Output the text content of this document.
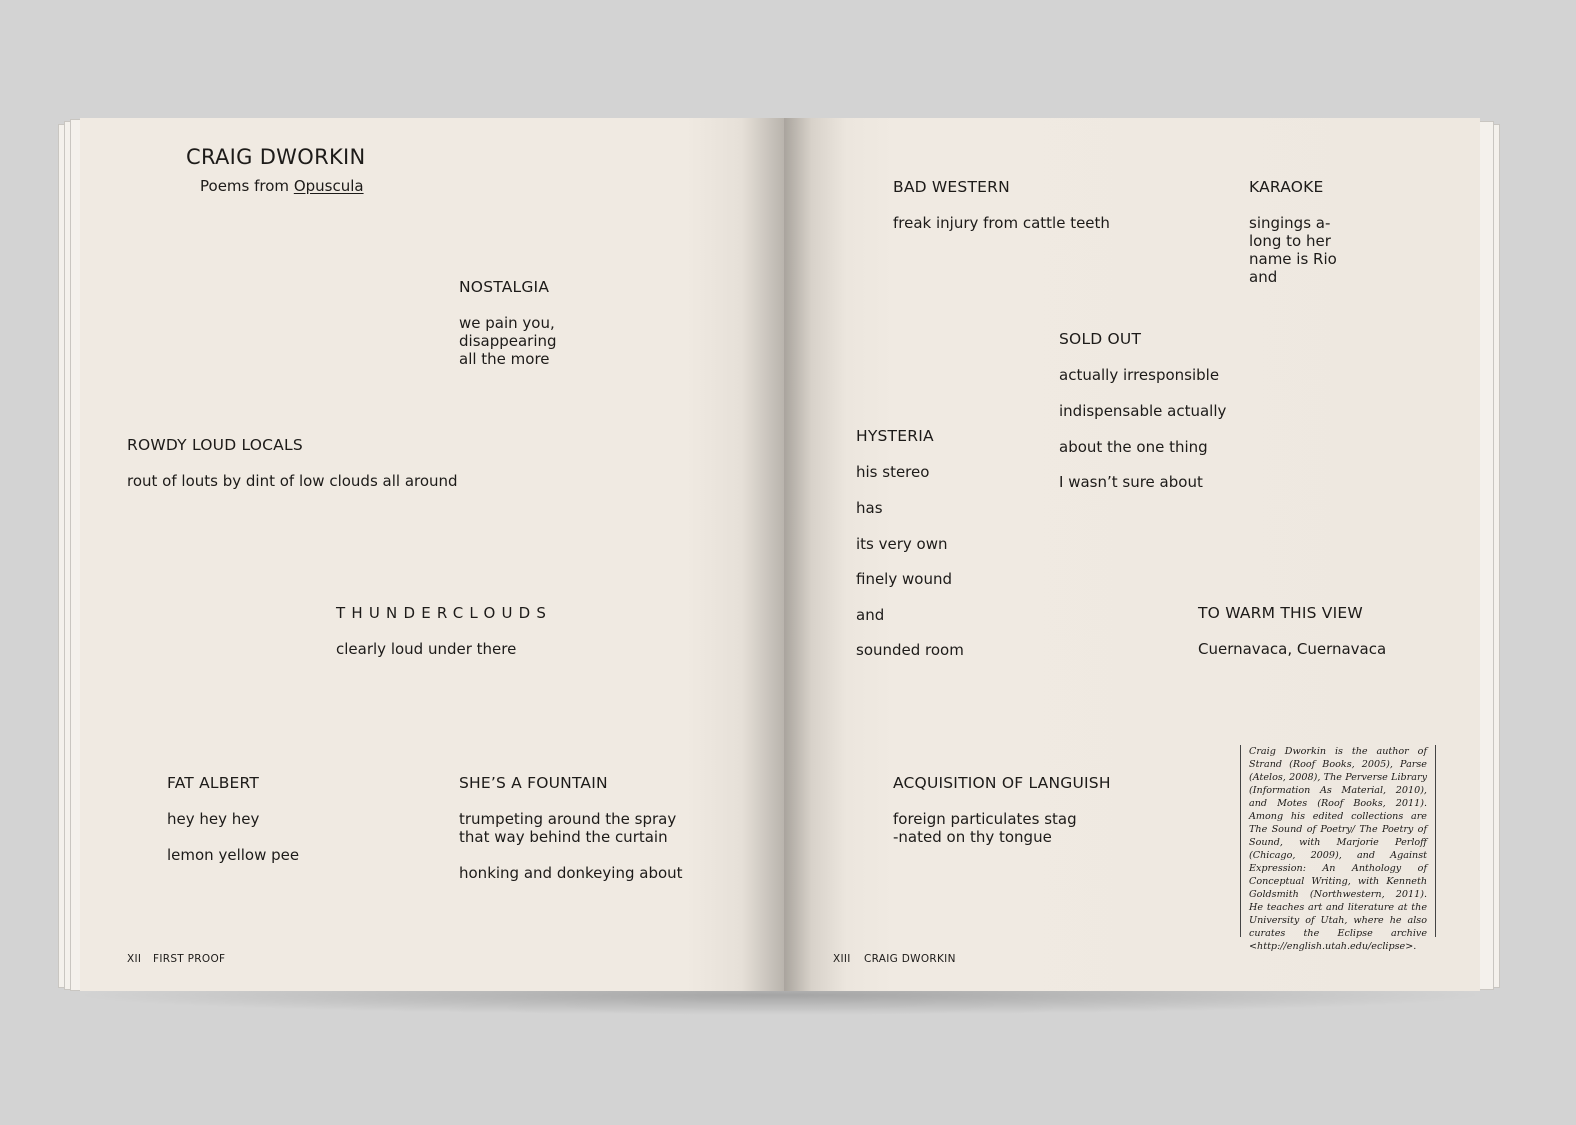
CRAIG DWORKIN
Poems from Opuscula
NOSTALGIA
we pain you,
disappearing
all the more
ROWDY LOUD LOCALS
rout of louts by dint of low clouds all around
THUNDERCLOUDS
clearly loud under there
FAT ALBERT
hey hey hey
lemon yellow pee
SHE’S A FOUNTAIN
trumpeting around the spray
that way behind the curtain
honking and donkeying about
XII FIRST PROOF
BAD WESTERN
freak injury from cattle teeth
KARAOKE
singings a-
long to her
name is Rio
and
SOLD OUT
actually irresponsible
indispensable actually
about the one thing
I wasn’t sure about
HYSTERIA
his stereo
has
its very own
finely wound
and
sounded room
TO WARM THIS VIEW
Cuernavaca, Cuernavaca
ACQUISITION OF LANGUISH
foreign particulates stag
-nated on thy tongue
Craig Dworkin is the author of Strand (Roof Books, 2005), Parse (Atelos, 2008), The Perverse Library (Information As Material, 2010), and Motes (Roof Books, 2011). Among his edited collections are The Sound of Poetry/ The Poetry of Sound, with Marjorie Perloff (Chicago, 2009), and Against Expression: An Anthology of Conceptual Writing, with Kenneth Goldsmith (Northwestern, 2011). He teaches art and literature at the University of Utah, where he also curates the Eclipse archive <http://english.utah.edu/eclipse>.
XIII CRAIG DWORKIN
